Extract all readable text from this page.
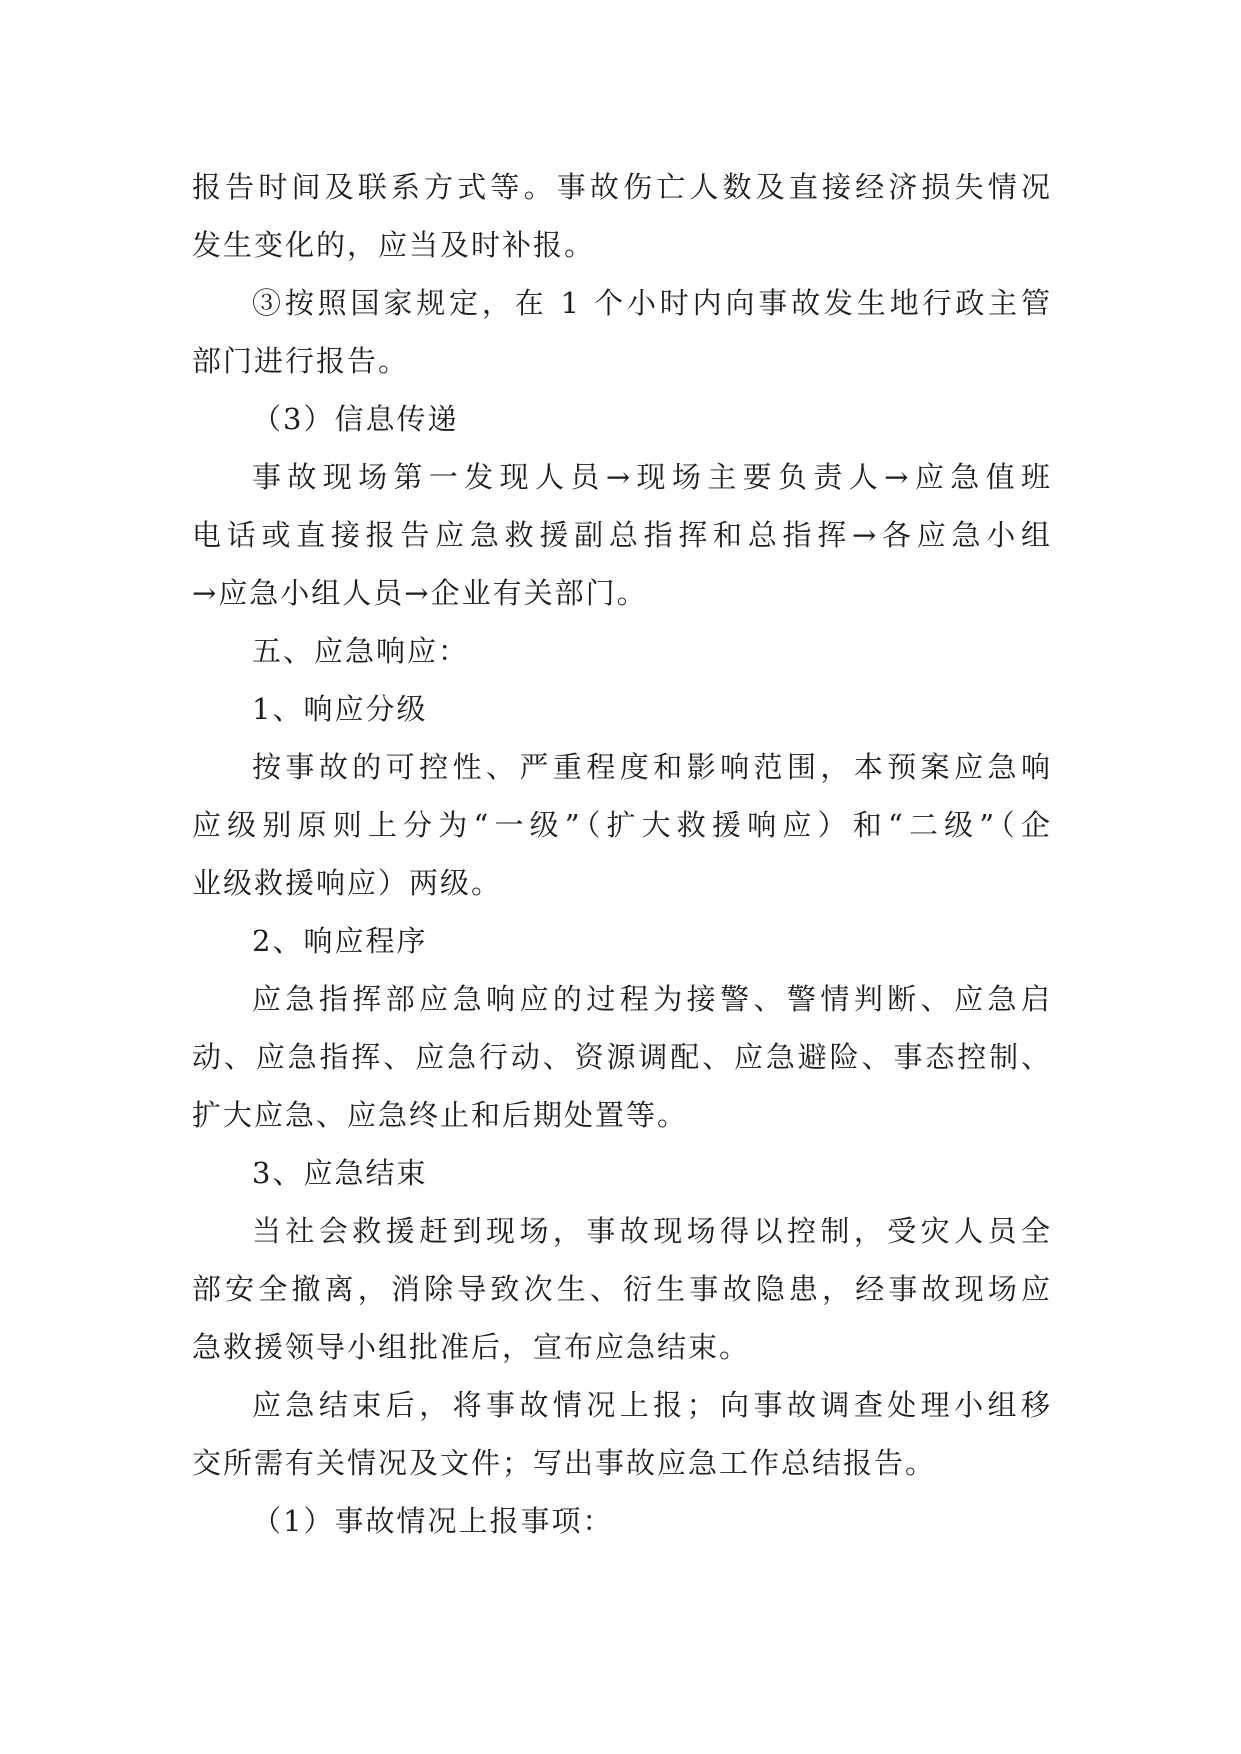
报告时间及联系方式等。事故伤亡人数及直接经济损失情况
发生变化的，应当及时补报。
③按照国家规定，在 1 个小时内向事故发生地行政主管
部门进行报告。
（3）信息传递
事故现场第一发现人员→现场主要负责人→应急值班
电话或直接报告应急救援副总指挥和总指挥→各应急小组
→应急小组人员→企业有关部门。
五、应急响应：
1、响应分级
按事故的可控性、严重程度和影响范围，本预案应急响
应级别原则上分为“一级”（扩大救援响应）和“二级”（企
业级救援响应）两级。
2、响应程序
应急指挥部应急响应的过程为接警、警情判断、应急启
动、应急指挥、应急行动、资源调配、应急避险、事态控制、
扩大应急、应急终止和后期处置等。
3、应急结束
当社会救援赶到现场，事故现场得以控制，受灾人员全
部安全撤离，消除导致次生、衍生事故隐患，经事故现场应
急救援领导小组批准后，宣布应急结束。
应急结束后，将事故情况上报；向事故调查处理小组移
交所需有关情况及文件；写出事故应急工作总结报告。
（1）事故情况上报事项：
